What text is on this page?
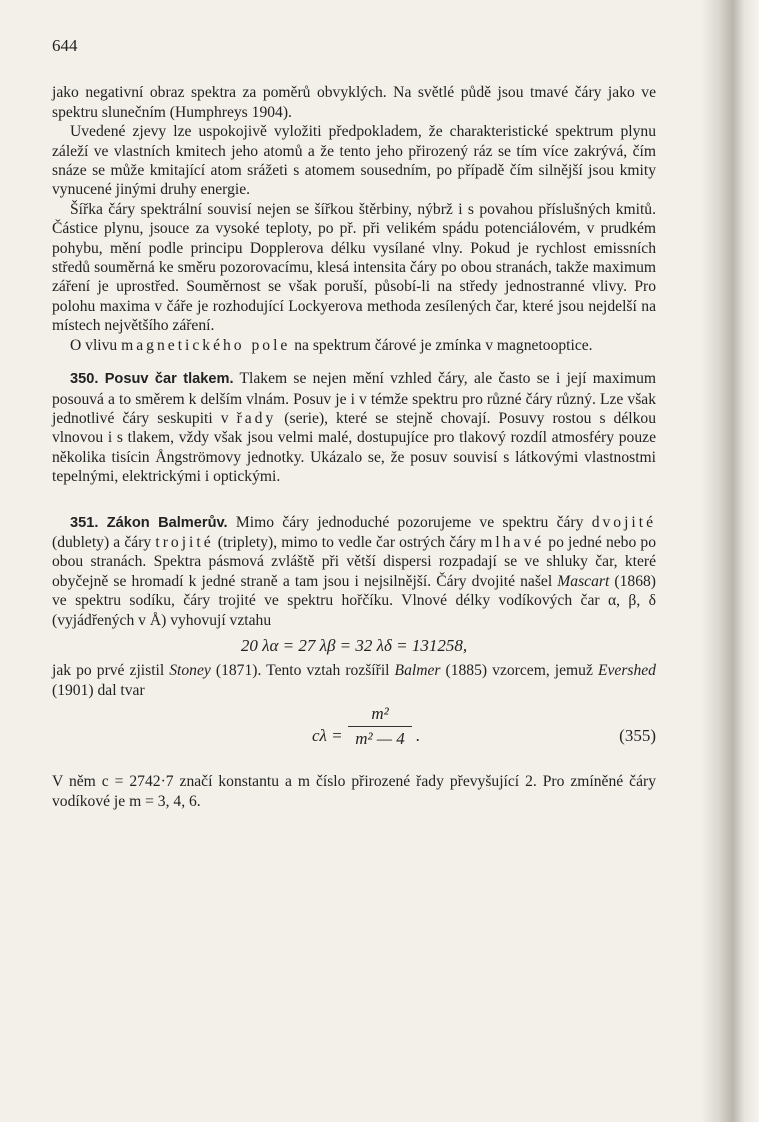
644

jako negativní obraz spektra za poměrů obvyklých. Na světlé půdě jsou tmavé čáry jako ve spektru slunečním (Humphreys 1904).

Uvedené zjevy lze uspokojivě vyložiti předpokladem, že charakteristické spektrum plynu záleží ve vlastních kmitech jeho atomů a že tento jeho přirozený ráz se tím více zakrývá, čím snáze se může kmitající atom srážeti s atomem sousedním, po případě čím silnější jsou kmity vynucené jinými druhy energie.

Šířka čáry spektrální souvisí nejen se šířkou štěrbiny, nýbrž i s povahou příslušných kmitů. Částice plynu, jsouce za vysoké teploty, po př. při velikém spádu potenciálovém, v prudkém pohybu, mění podle principu Dopplerova délku vysílané vlny. Pokud je rychlost emissních středů souměrná ke směru pozorovacímu, klesá intensita čáry po obou stranách, takže maximum záření je uprostřed. Souměrnost se však poruší, působí-li na středy jednostranné vlivy. Pro polohu maxima v čáře je rozhodující Lockyerova methoda zesílených čar, které jsou nejdelší na místech největšího záření.

O vlivu magnetického pole na spektrum čárové je zmínka v magnetooptice.

350. Posuv čar tlakem. Tlakem se nejen mění vzhled čáry, ale často se i její maximum posouvá a to směrem k delším vlnám. Posuv je i v témže spektru pro různé čáry různý. Lze však jednotlivé čáry seskupiti v řady (serie), které se stejně chovají. Posuvy rostou s délkou vlnovou i s tlakem, vždy však jsou velmi malé, dostupujíce pro tlakový rozdíl atmosféry pouze několika tisícin Ångströmovy jednotky. Ukázalo se, že posuv souvisí s látkovými vlastnostmi tepelnými, elektrickými i optickými.

351. Zákon Balmerův. Mimo čáry jednoduché pozorujeme ve spektru čáry dvojité (dublety) a čáry trojité (triplety), mimo to vedle čar ostrých čáry mlhavé po jedné nebo po obou stranách. Spektra pásmová zvláště při větší dispersi rozpadají se ve shluky čar, které obyčejně se hromadí k jedné straně a tam jsou i nejsilnější. Čáry dvojité našel Mascart (1868) ve spektru sodíku, čáry trojité ve spektru hořčíku. Vlnové délky vodíkových čar α, β, δ (vyjádřených v Å) vyhovují vztahu

20 λα = 27 λβ = 32 λδ = 131258,

jak po prvé zjistil Stoney (1871). Tento vztah rozšířil Balmer (1885) vzorcem, jemuž Evershed (1901) dal tvar

$c\lambda = \frac{\text{m²}}{\text{m² — 4}}$ .	(355)

V něm c = 2742·7 značí konstantu a m číslo přirozené řady převyšující 2. Pro zmíněné čáry vodíkové je m = 3, 4, 6.
